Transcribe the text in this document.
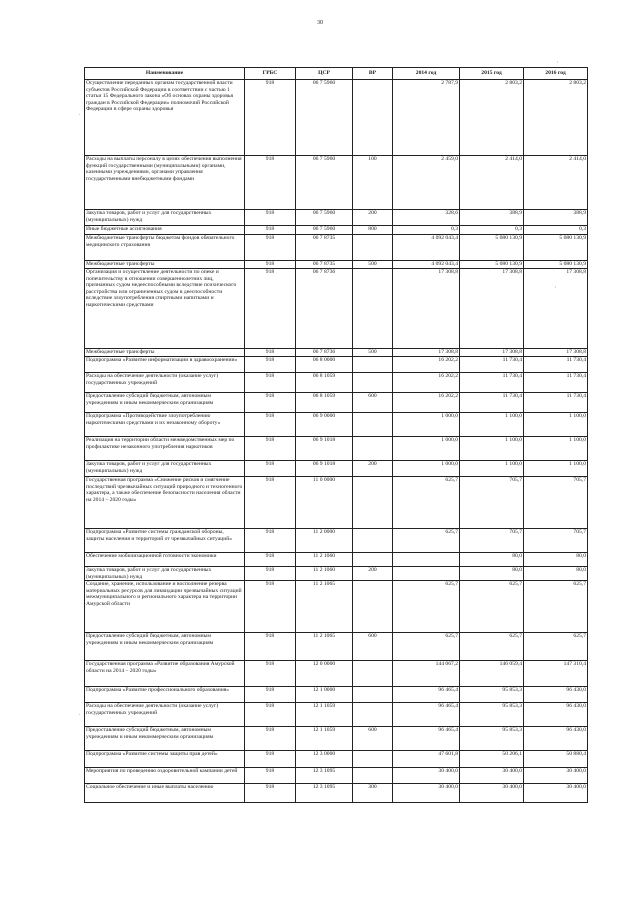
30
Наименование	ГРБС	ЦСР	ВР	2014 год	2015 год	2016 год
Осуществление переданных органам государственной власти субъектов Российской Федерации в соответствии с частью 1 статьи 15 Федерального закона «Об основах охраны здоровья граждан в Российской Федерации» полномочий Российской Федерации в сфере охраны здоровья	918	06 7 5960		2 787,9	2 803,2	2 803,2
Расходы на выплаты персоналу в целях обеспечения выполнения функций государственными (муниципальными) органами, казенными учреждениями, органами управления государственными внебюджетными фондами	918	06 7 5960	100	2 459,0	2 414,0	2 414,0
Закупка товаров, работ и услуг для государственных (муниципальных) нужд	918	06 7 5960	200	328,6	388,9	388,9
Иные бюджетные ассигнования	918	06 7 5960	800	0,3	0,3	0,3
Межбюджетные трансферты бюджетам фондов обязательного медицинского страхования	918	06 7 8735		4 092 043,4	5 080 130,9	5 080 130,9
Межбюджетные трансферты	918	06 7 8735	500	4 092 043,4	5 080 130,9	5 080 130,9
Организация и осуществление деятельности по опеке и попечительству в отношении совершеннолетних лиц, признанных судом недееспособными вследствие психического расстройства или ограниченных судом в дееспособности вследствие злоупотребления спиртными напитками и наркотическими средствами	918	06 7 8736		17 308,8	17 308,8	17 308,8
Межбюджетные трансферты	918	06 7 8736	500	17 308,8	17 308,8	17 308,8
Подпрограмма «Развитие информатизации в здравоохранении»	918	06 8 0000		16 202,2	11 730,4	11 730,4
Расходы на обеспечение деятельности (оказание услуг) государственных учреждений	918	06 8 1059		16 202,2	11 730,4	11 730,4
Предоставление субсидий бюджетным, автономным учреждениям и иным некоммерческим организациям	918	06 8 1059	600	16 202,2	11 730,4	11 730,4
Подпрограмма «Противодействие злоупотреблению наркотическими средствами и их незаконному обороту»	918	06 9 0000		1 000,0	1 100,0	1 100,0
Реализация на территории области межведомственных мер по профилактике незаконного употребления наркотиков	918	06 9 1018		1 000,0	1 100,0	1 100,0
Закупка товаров, работ и услуг для государственных (муниципальных) нужд	918	06 9 1018	200	1 000,0	1 100,0	1 100,0
Государственная программа «Снижение рисков и смягчение последствий чрезвычайных ситуаций природного и техногенного характера, а также обеспечение безопасности населения области на 2014 – 2020 годы»	918	11 0 0000		625,7	705,7	705,7
Подпрограмма «Развитие системы гражданской обороны, защиты населения и территорий от чрезвычайных ситуаций»	918	11 2 0000		625,7	705,7	705,7
Обеспечение мобилизационной готовности экономики	918	11 2 1060			80,0	80,0
Закупка товаров, работ и услуг для государственных (муниципальных) нужд	918	11 2 1060	200		80,0	80,0
Создание, хранение, использование и восполнение резерва материальных ресурсов для ликвидации чрезвычайных ситуаций межмуниципального и регионального характера на территории Амурской области	918	11 2 1065		625,7	625,7	625,7
Предоставление субсидий бюджетным, автономным учреждениям и иным некоммерческим организациям	918	11 2 1065	600	625,7	625,7	625,7
Государственная программа «Развитие образования Амурской области на 2014 – 2020 годы»	918	12 0 0000		144 067,2	146 059,4	147 310,4
Подпрограмма «Развитие профессионального образования»	918	12 1 0000		96 465,4	95 853,3	96 430,0
Расходы на обеспечение деятельности (оказание услуг) государственных учреждений	918	12 1 1059		96 465,4	95 853,3	96 430,0
Предоставление субсидий бюджетным, автономным учреждениям и иным некоммерческим организациям	918	12 1 1059	600	96 465,4	95 853,3	96 430,0
Подпрограмма «Развитие системы защиты прав детей»	918	12 3 0000		47 601,8	50 206,1	50 880,4
Мероприятия по проведению оздоровительной кампании детей	918	12 3 1095		30 400,0	30 400,0	30 400,0
Социальное обеспечение и иные выплаты населению	918	12 3 1095	300	30 400,0	30 400,0	30 400,0
'
'
.
.
